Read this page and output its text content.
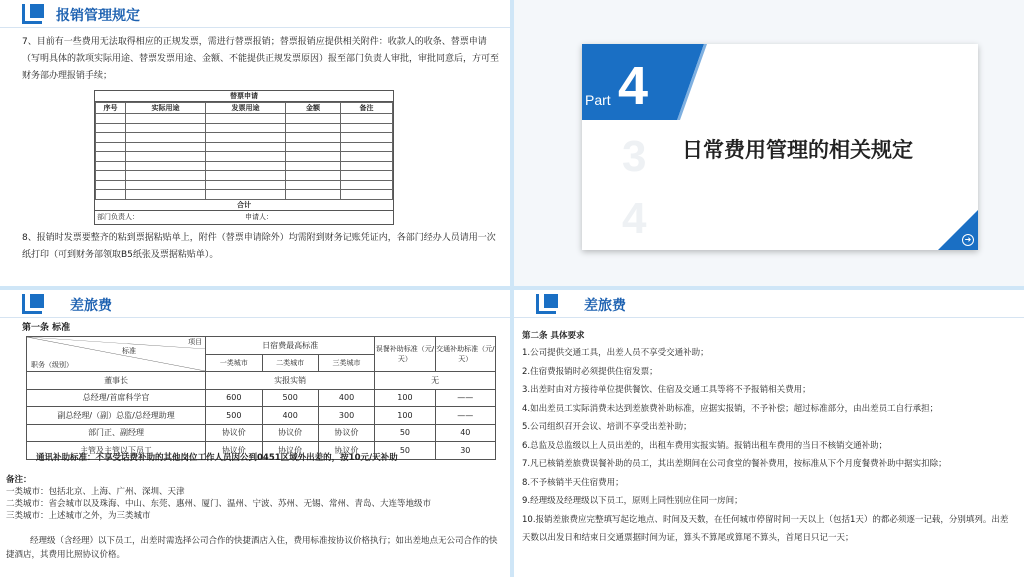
报销管理规定
7、目前有一些费用无法取得相应的正规发票，需进行替票报销；替票报销应提供相关附件：收款人的收条、替票申请（写明具体的款项实际用途、替票发票用途、金额、不能提供正规发票原因）报至部门负责人审批，审批同意后，方可至财务部办理报销手续；
替票申请
序号	实际用途	发票用途	金额	备注

合计
部门负责人：	申请人：
8、报销时发票要整齐的粘到票据粘贴单上，附件（替票申请除外）均需附到财务记账凭证内，各部门经办人员请用一次纸打印（可到财务部领取B5纸张及票据粘贴单）。
Part 4
3
4
日常费用管理的相关规定
➜
差旅费
第一条 标准
项目
标准
职务（级别）	日宿费最高标准			误餐补助标准（元/天）	交通补助标准（元/天）
	一类城市	二类城市	三类城市		
董事长	实报实销			无	
总经理/首席科学官	600	500	400	100	——
副总经理/（副）总监/总经理助理	500	400	300	100	——
部门正、副经理	协议价	协议价	协议价	50	40
主管及主管以下员工	协议价	协议价	协议价	50	30
通讯补助标准：不享受话费补助的其他岗位工作人员因公到0451区域外出差的，按10元/天补助
备注：
一类城市：包括北京、上海、广州、深圳、天津
二类城市：省会城市以及珠海、中山、东莞、惠州、厦门、温州、宁波、苏州、无锡、常州、青岛、大连等地级市
三类城市：上述城市之外，为三类城市
经理级（含经理）以下员工，出差时需选择公司合作的快捷酒店入住，费用标准按协议价格执行；如出差地点无公司合作的快捷酒店，其费用比照协议价格。
差旅费
第二条 具体要求
1.公司提供交通工具，出差人员不享受交通补助；
2.住宿费报销时必须提供住宿发票；
3.出差时由对方接待单位提供餐饮、住宿及交通工具等将不予报销相关费用；
4.如出差员工实际消费未达到差旅费补助标准，应据实报销，不予补偿；超过标准部分，由出差员工自行承担；
5.公司组织召开会议、培训不享受出差补助；
6.总监及总监级以上人员出差的，出租车费用实报实销。报销出租车费用的当日不核销交通补助；
7.凡已核销差旅费误餐补助的员工，其出差期间在公司食堂的餐补费用，按标准从下个月度餐费补助中据实扣除；
8.不予核销半天住宿费用；
9.经理级及经理级以下员工，原则上同性别应住同一房间；
10.报销差旅费应完整填写起讫地点、时间及天数，在任何城市停留时间一天以上（包括1天）的都必须逐一记载，分别填列。出差天数以出发日和结束日交通票据时间为证，算头不算尾或算尾不算头，首尾日只记一天；
